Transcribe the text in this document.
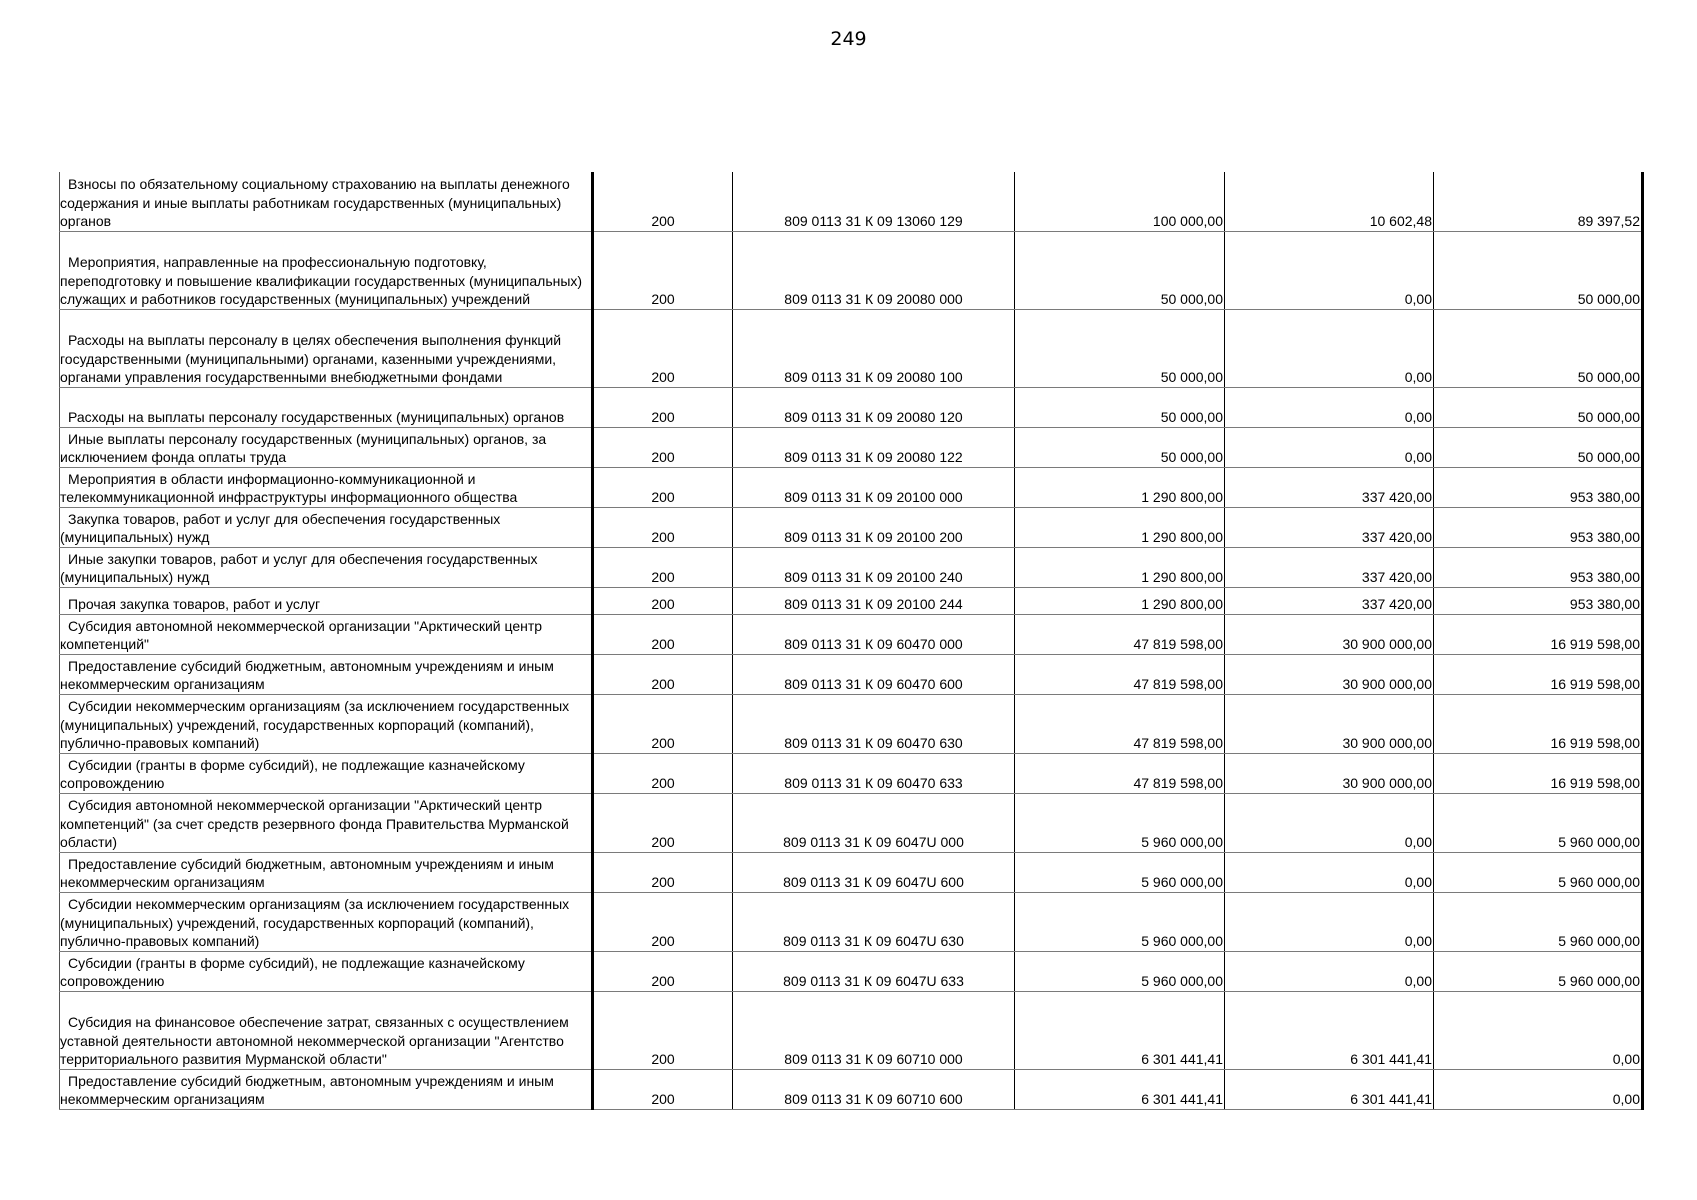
249
Взносы по обязательному социальному страхованию на выплаты денежного содержания и иные выплаты работникам государственных (муниципальных) органов	200	809 0113 31 К 09 13060 129	100 000,00	10 602,48	89 397,52
Мероприятия, направленные на профессиональную подготовку, переподготовку и повышение квалификации государственных (муниципальных) служащих и работников государственных (муниципальных) учреждений	200	809 0113 31 К 09 20080 000	50 000,00	0,00	50 000,00
Расходы на выплаты персоналу в целях обеспечения выполнения функций государственными (муниципальными) органами, казенными учреждениями, органами управления государственными внебюджетными фондами	200	809 0113 31 К 09 20080 100	50 000,00	0,00	50 000,00
Расходы на выплаты персоналу государственных (муниципальных) органов	200	809 0113 31 К 09 20080 120	50 000,00	0,00	50 000,00
Иные выплаты персоналу государственных (муниципальных) органов, за исключением фонда оплаты труда	200	809 0113 31 К 09 20080 122	50 000,00	0,00	50 000,00
Мероприятия в области информационно-коммуникационной и телекоммуникационной инфраструктуры информационного общества	200	809 0113 31 К 09 20100 000	1 290 800,00	337 420,00	953 380,00
Закупка товаров, работ и услуг для обеспечения государственных (муниципальных) нужд	200	809 0113 31 К 09 20100 200	1 290 800,00	337 420,00	953 380,00
Иные закупки товаров, работ и услуг для обеспечения государственных (муниципальных) нужд	200	809 0113 31 К 09 20100 240	1 290 800,00	337 420,00	953 380,00
Прочая закупка товаров, работ и услуг	200	809 0113 31 К 09 20100 244	1 290 800,00	337 420,00	953 380,00
Субсидия автономной некоммерческой организации "Арктический центр компетенций"	200	809 0113 31 К 09 60470 000	47 819 598,00	30 900 000,00	16 919 598,00
Предоставление субсидий бюджетным, автономным учреждениям и иным некоммерческим организациям	200	809 0113 31 К 09 60470 600	47 819 598,00	30 900 000,00	16 919 598,00
Субсидии некоммерческим организациям (за исключением государственных (муниципальных) учреждений, государственных корпораций (компаний), публично-правовых компаний)	200	809 0113 31 К 09 60470 630	47 819 598,00	30 900 000,00	16 919 598,00
Субсидии (гранты в форме субсидий), не подлежащие казначейскому сопровождению	200	809 0113 31 К 09 60470 633	47 819 598,00	30 900 000,00	16 919 598,00
Субсидия автономной некоммерческой организации "Арктический центр компетенций" (за счет средств резервного фонда Правительства Мурманской области)	200	809 0113 31 К 09 6047U 000	5 960 000,00	0,00	5 960 000,00
Предоставление субсидий бюджетным, автономным учреждениям и иным некоммерческим организациям	200	809 0113 31 К 09 6047U 600	5 960 000,00	0,00	5 960 000,00
Субсидии некоммерческим организациям (за исключением государственных (муниципальных) учреждений, государственных корпораций (компаний), публично-правовых компаний)	200	809 0113 31 К 09 6047U 630	5 960 000,00	0,00	5 960 000,00
Субсидии (гранты в форме субсидий), не подлежащие казначейскому сопровождению	200	809 0113 31 К 09 6047U 633	5 960 000,00	0,00	5 960 000,00
Субсидия на финансовое обеспечение затрат, связанных с осуществлением уставной деятельности автономной некоммерческой организации "Агентство территориального развития Мурманской области"	200	809 0113 31 К 09 60710 000	6 301 441,41	6 301 441,41	0,00
Предоставление субсидий бюджетным, автономным учреждениям и иным некоммерческим организациям	200	809 0113 31 К 09 60710 600	6 301 441,41	6 301 441,41	0,00
